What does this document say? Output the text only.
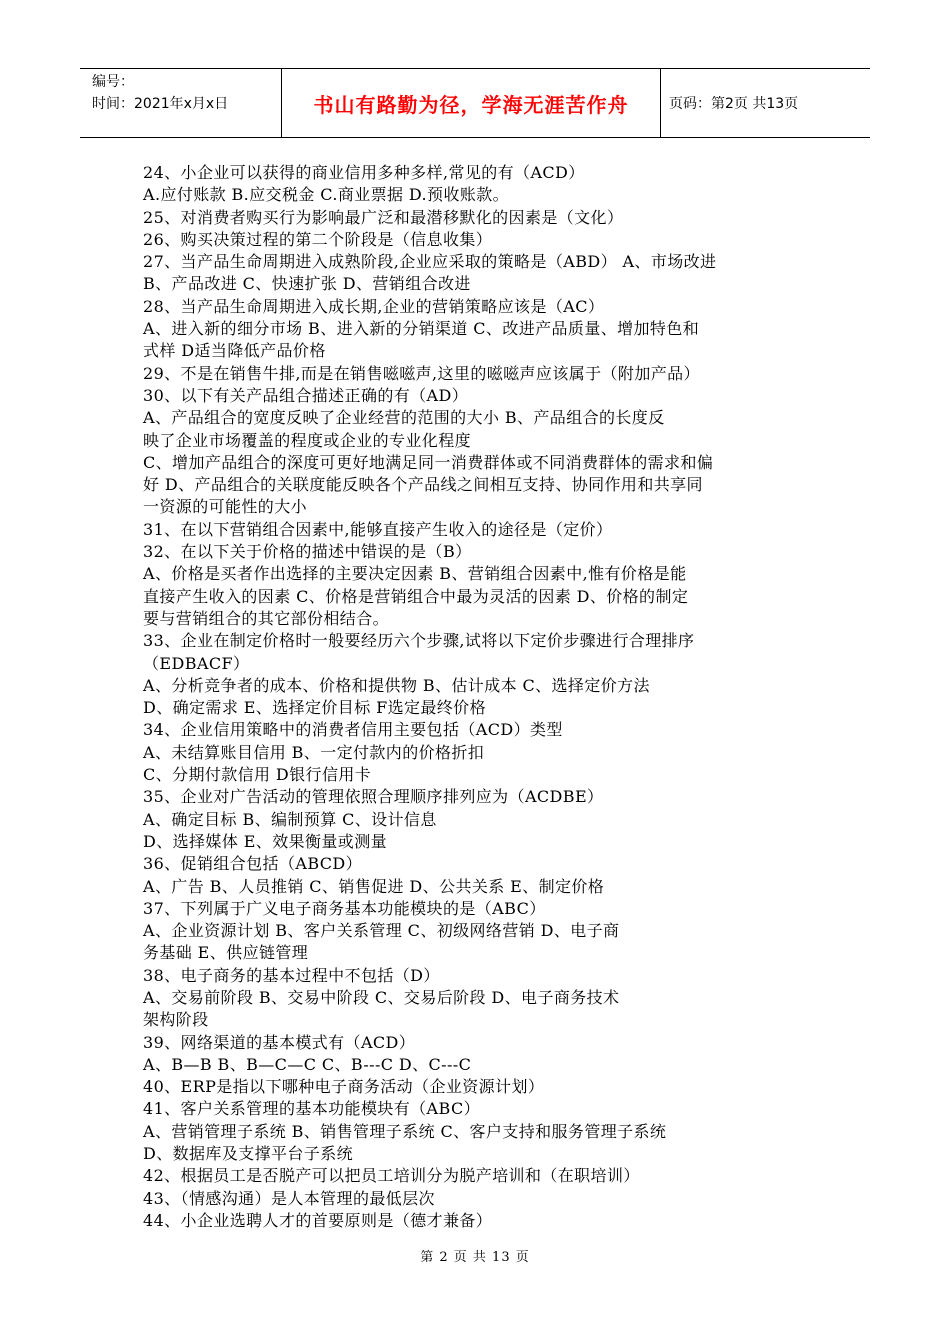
编号：
时间：2021年x月x日	书山有路勤为径，学海无涯苦作舟	页码：第2页 共13页
24、小企业可以获得的商业信用多种多样,常见的有（ACD）
A.应付账款 B.应交税金 C.商业票据 D.预收账款。
25、对消费者购买行为影响最广泛和最潜移默化的因素是（文化）
26、购买决策过程的第二个阶段是（信息收集）
27、当产品生命周期进入成熟阶段,企业应采取的策略是（ABD） A、市场改进
B、产品改进 C、快速扩张 D、营销组合改进
28、当产品生命周期进入成长期,企业的营销策略应该是（AC）
A、进入新的细分市场 B、进入新的分销渠道 C、改进产品质量、增加特色和
式样 D适当降低产品价格
29、不是在销售牛排,而是在销售嗞嗞声,这里的嗞嗞声应该属于（附加产品）
30、以下有关产品组合描述正确的有（AD）
A、产品组合的宽度反映了企业经营的范围的大小 B、产品组合的长度反
映了企业市场覆盖的程度或企业的专业化程度
C、增加产品组合的深度可更好地满足同一消费群体或不同消费群体的需求和偏
好 D、产品组合的关联度能反映各个产品线之间相互支持、协同作用和共享同
一资源的可能性的大小
31、在以下营销组合因素中,能够直接产生收入的途径是（定价）
32、在以下关于价格的描述中错误的是（B）
A、价格是买者作出选择的主要决定因素 B、营销组合因素中,惟有价格是能
直接产生收入的因素 C、价格是营销组合中最为灵活的因素 D、价格的制定
要与营销组合的其它部份相结合。
33、企业在制定价格时一般要经历六个步骤,试将以下定价步骤进行合理排序
（EDBACF）
A、分析竞争者的成本、价格和提供物 B、估计成本 C、选择定价方法
D、确定需求 E、选择定价目标 F选定最终价格
34、企业信用策略中的消费者信用主要包括（ACD）类型
A、未结算账目信用 B、一定付款内的价格折扣
C、分期付款信用 D银行信用卡
35、企业对广告活动的管理依照合理顺序排列应为（ACDBE）
A、确定目标 B、编制预算 C、设计信息
D、选择媒体 E、效果衡量或测量
36、促销组合包括（ABCD）
A、广告 B、人员推销 C、销售促进 D、公共关系 E、制定价格
37、下列属于广义电子商务基本功能模块的是（ABC）
A、企业资源计划 B、客户关系管理 C、初级网络营销 D、电子商
务基础 E、供应链管理
38、电子商务的基本过程中不包括（D）
A、交易前阶段 B、交易中阶段 C、交易后阶段 D、电子商务技术
架构阶段
39、网络渠道的基本模式有（ACD）
A、B—B B、B—C—C C、B---C D、C---C
40、ERP是指以下哪种电子商务活动（企业资源计划）
41、客户关系管理的基本功能模块有（ABC）
A、营销管理子系统 B、销售管理子系统 C、客户支持和服务管理子系统
D、数据库及支撑平台子系统
42、根据员工是否脱产可以把员工培训分为脱产培训和（在职培训）
43、（情感沟通）是人本管理的最低层次
44、小企业选聘人才的首要原则是（德才兼备）
第 2 页 共 13 页
